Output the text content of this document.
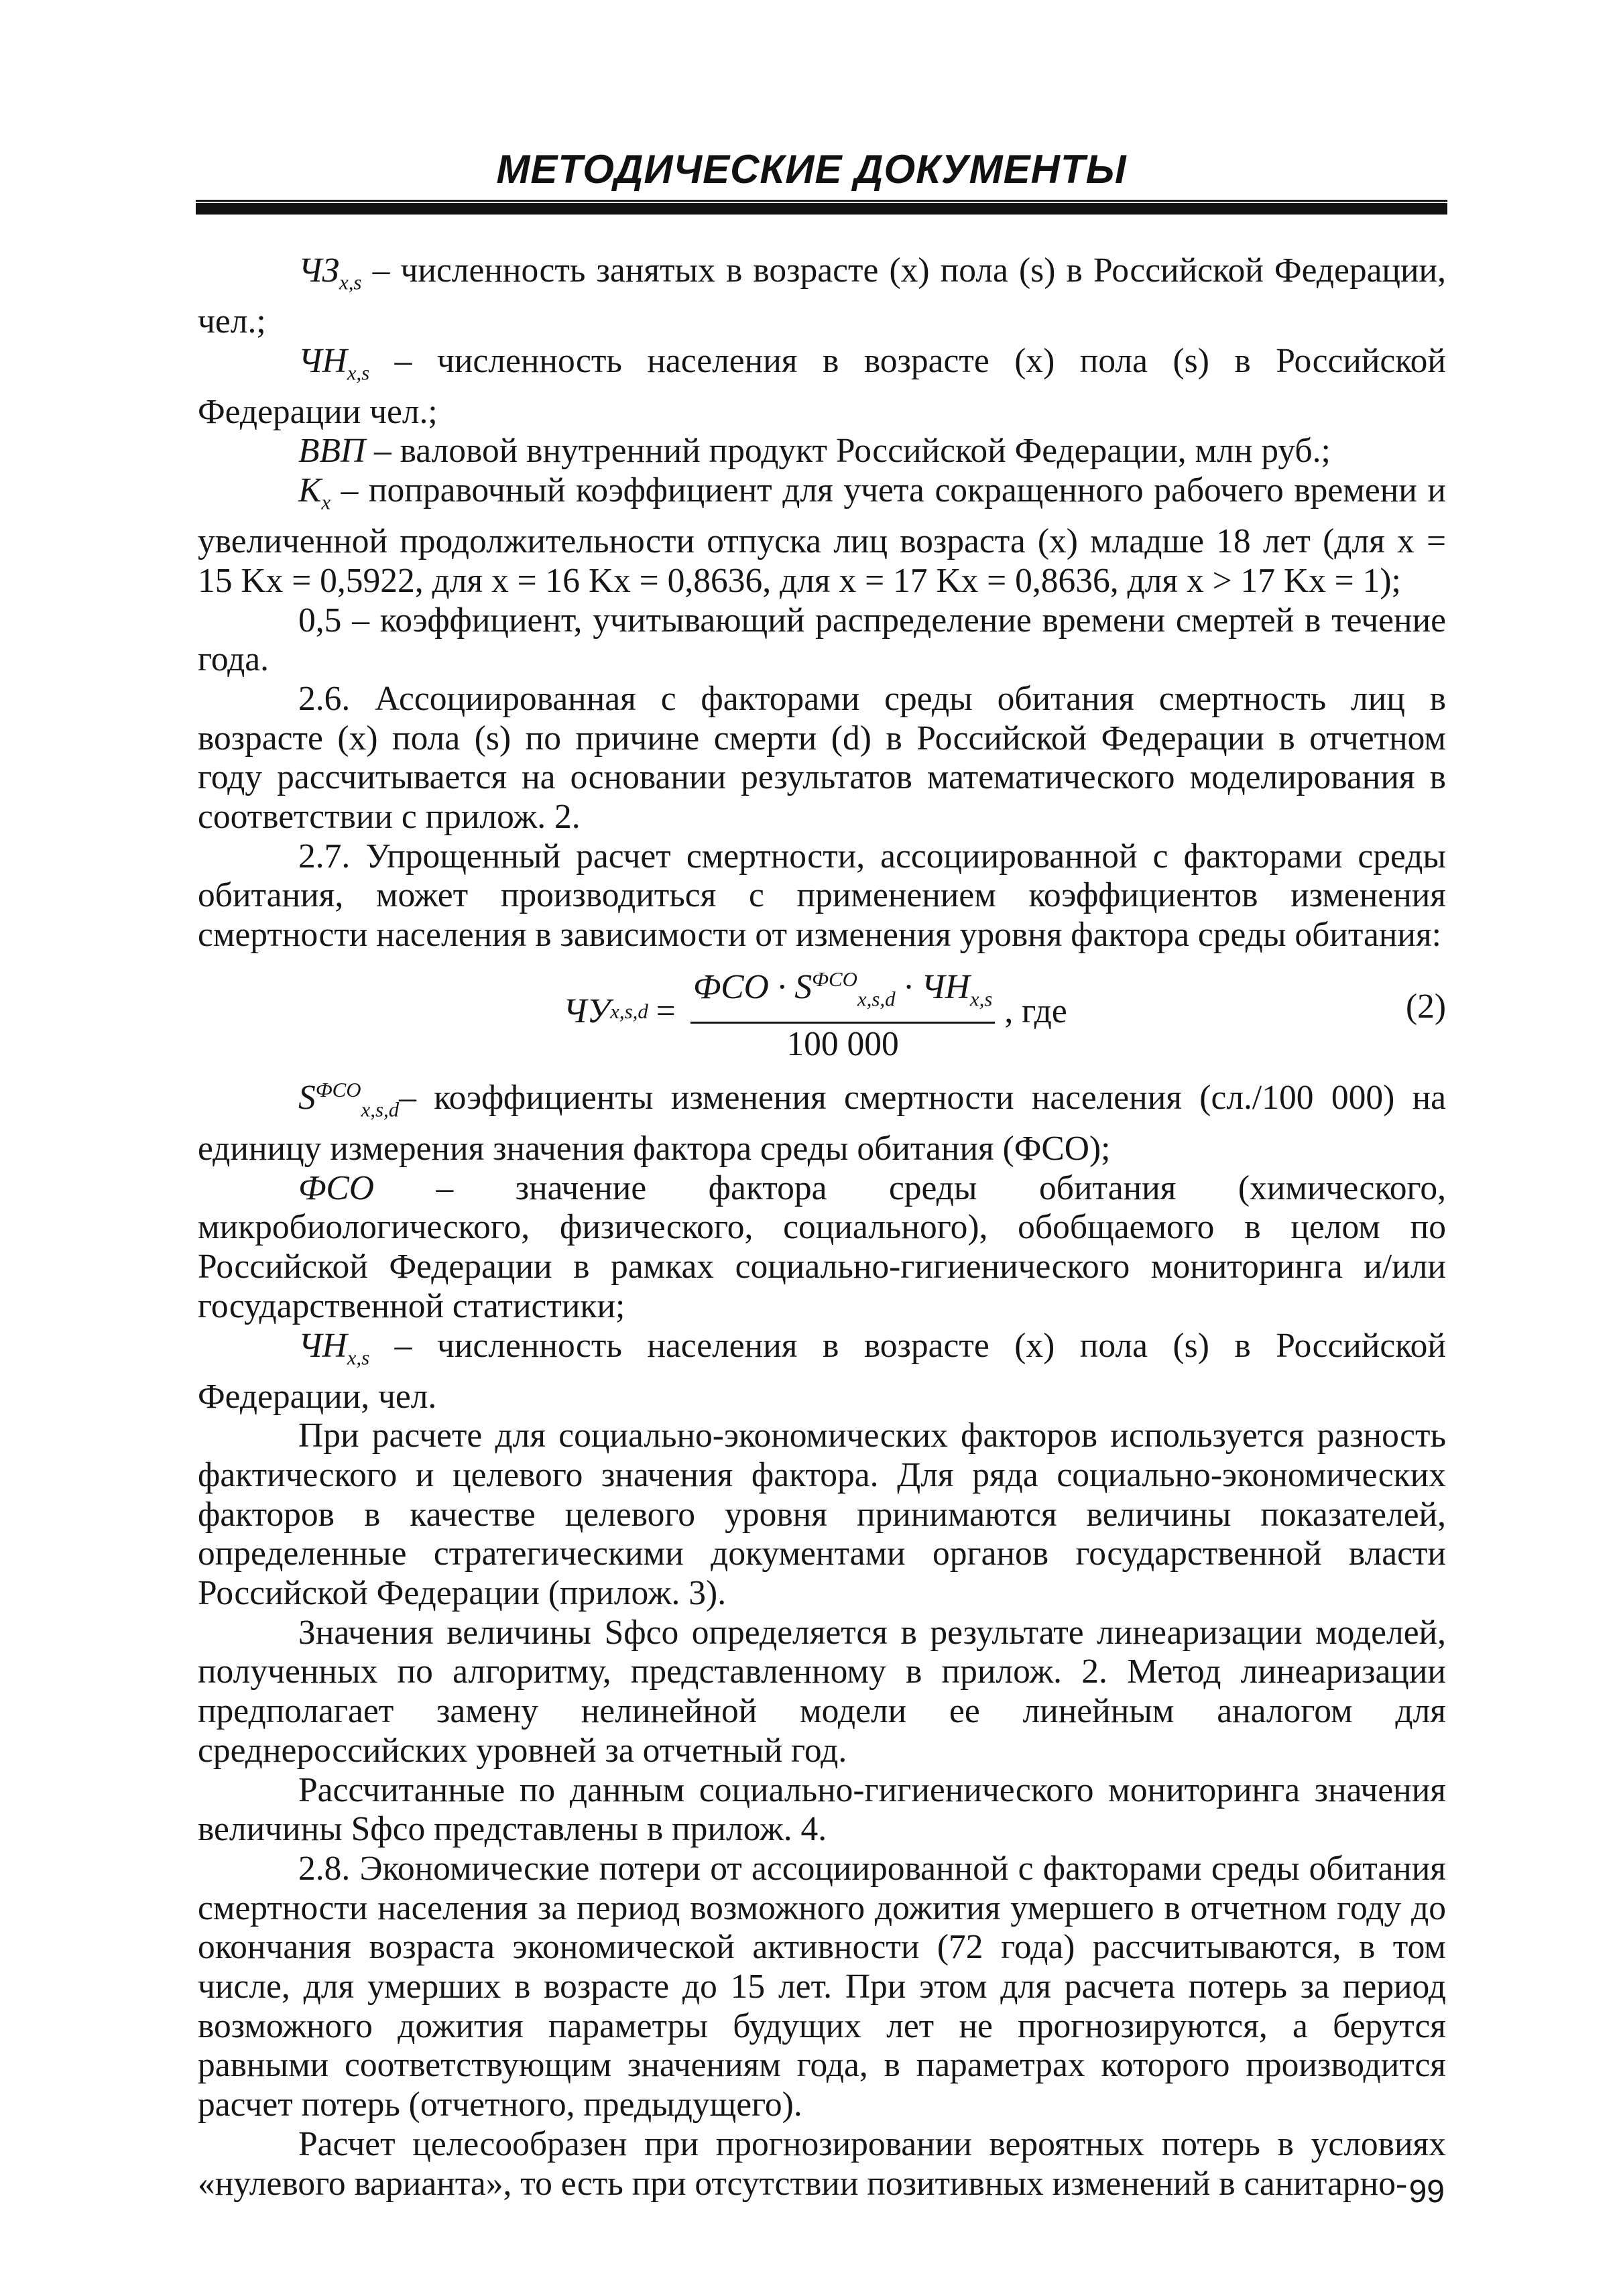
МЕТОДИЧЕСКИЕ ДОКУМЕНТЫ

$ЧЗ_{x,s}$ – численность занятых в возрасте (x) пола (s) в Российской Федерации, чел.;

$ЧН_{x,s}$ – численность населения в возрасте (x) пола (s) в Российской Федерации чел.;

ВВП – валовой внутренний продукт Российской Федерации, млн руб.;

$K_x$ – поправочный коэффициент для учета сокращенного рабочего времени и увеличенной продолжительности отпуска лиц возраста (x) младше 18 лет (для x = 15 Kx = 0,5922, для x = 16 Kx = 0,8636, для x = 17 Kx = 0,8636, для x > 17 Kx = 1);

0,5 – коэффициент, учитывающий распределение времени смертей в течение года.

2.6. Ассоциированная с факторами среды обитания смертность лиц в возрасте (x) пола (s) по причине смерти (d) в Российской Федерации в отчетном году рассчитывается на основании результатов математического моделирования в соответствии с прилож. 2.

2.7. Упрощенный расчет смертности, ассоциированной с факторами среды обитания, может производиться с применением коэффициентов изменения смертности населения в зависимости от изменения уровня фактора среды обитания:

ЧУ $x,s,d = \frac{ФСО \cdot S^{ФСО}_{x,s,d} \cdot ЧН_{x,s}}{100 000}$ , где	(2)

$S^{ФСО}_{x,s,d}-$ коэффициенты изменения смертности населения (сл./100 000) на единицу измерения значения фактора среды обитания (ФСО);

ФСО – значение фактора среды обитания (химического, микробиологического, физического, социального), обобщаемого в целом по Российской Федерации в рамках социально-гигиенического мониторинга и/или государственной статистики;

$ЧН_{x,s}$ – численность населения в возрасте (x) пола (s) в Российской Федерации, чел.

При расчете для социально-экономических факторов используется разность фактического и целевого значения фактора. Для ряда социально-экономических факторов в качестве целевого уровня принимаются величины показателей, определенные стратегическими документами органов государственной власти Российской Федерации (прилож. 3).

Значения величины Sфсо определяется в результате линеаризации моделей, полученных по алгоритму, представленному в прилож. 2. Метод линеаризации предполагает замену нелинейной модели ее линейным аналогом для среднероссийских уровней за отчетный год.

Рассчитанные по данным социально-гигиенического мониторинга значения величины Sфсо представлены в прилож. 4.

2.8. Экономические потери от ассоциированной с факторами среды обитания смертности населения за период возможного дожития умершего в отчетном году до окончания возраста экономической активности (72 года) рассчитываются, в том числе, для умерших в возрасте до 15 лет. При этом для расчета потерь за период возможного дожития параметры будущих лет не прогнозируются, а берутся равными соответствующим значениям года, в параметрах которого производится расчет потерь (отчетного, предыдущего).

Расчет целесообразен при прогнозировании вероятных потерь в условиях «нулевого варианта», то есть при отсутствии позитивных изменений в санитарно- 99
